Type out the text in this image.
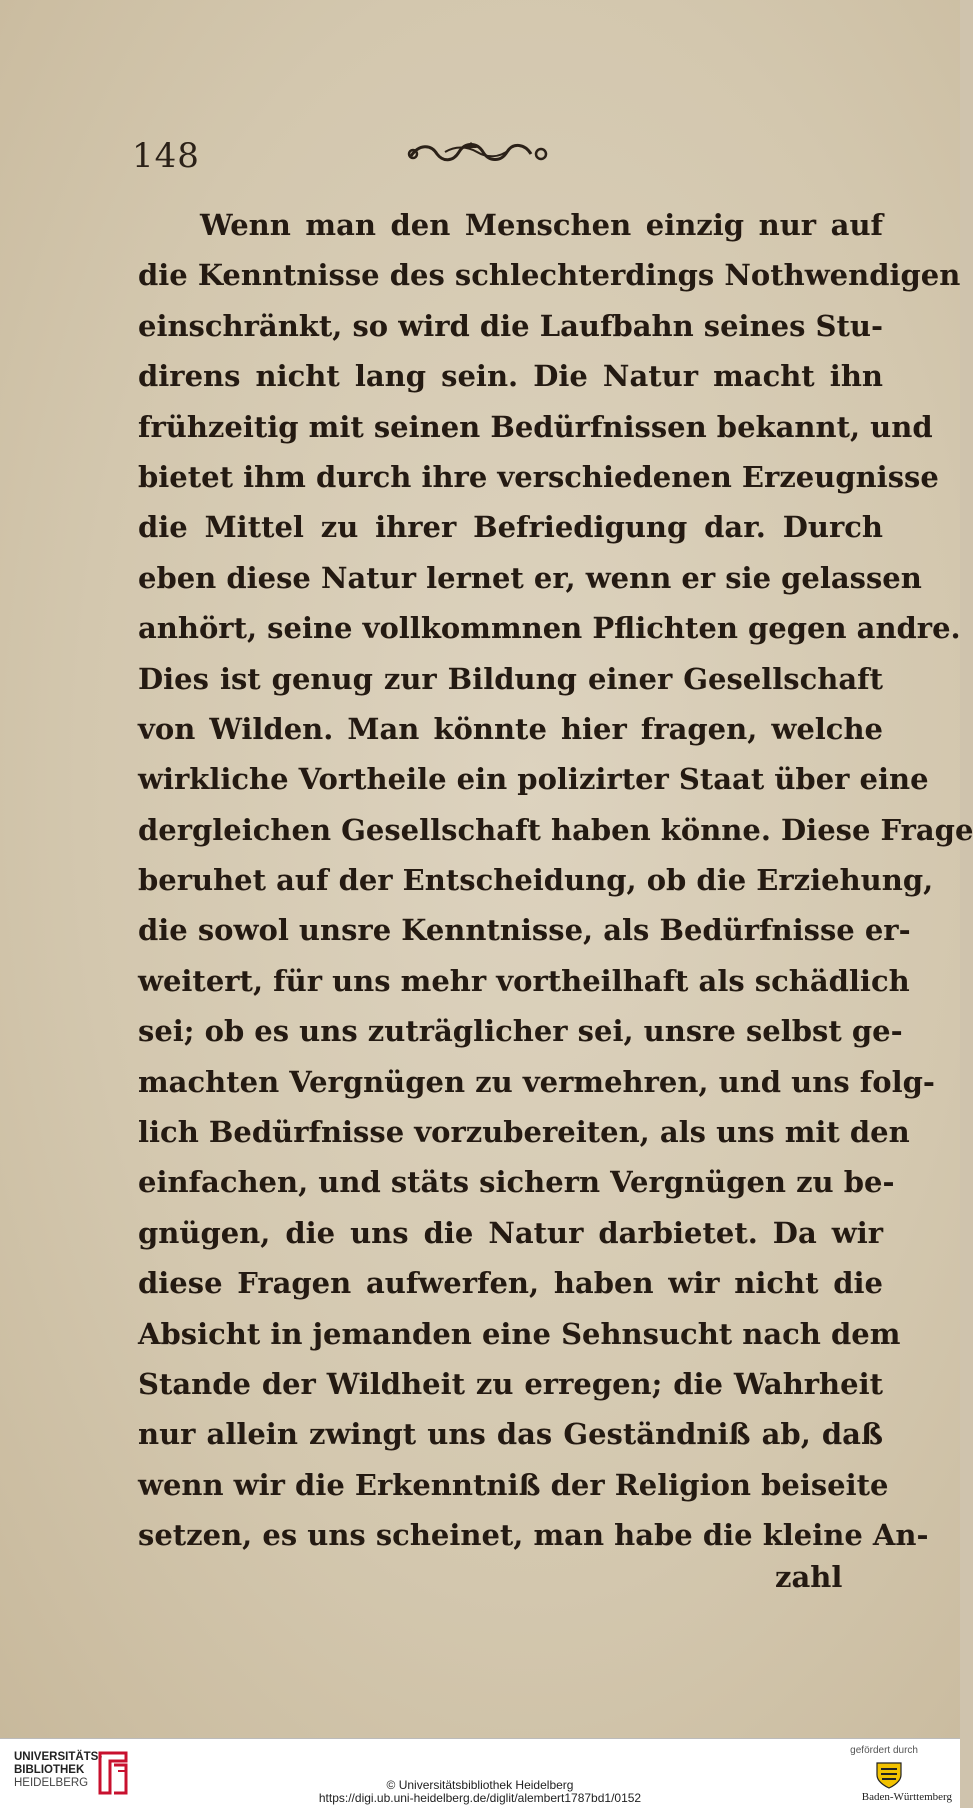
148
Wenn man den Menschen einzig nur auf
die Kenntnisse des schlechterdings Nothwendigen
einschränkt, so wird die Laufbahn seines Stu-
direns nicht lang sein. Die Natur macht ihn
frühzeitig mit seinen Bedürfnissen bekannt, und
bietet ihm durch ihre verschiedenen Erzeugnisse
die Mittel zu ihrer Befriedigung dar. Durch
eben diese Natur lernet er, wenn er sie gelassen
anhört, seine vollkommnen Pflichten gegen andre.
Dies ist genug zur Bildung einer Gesellschaft
von Wilden. Man könnte hier fragen, welche
wirkliche Vortheile ein polizirter Staat über eine
dergleichen Gesellschaft haben könne. Diese Frage
beruhet auf der Entscheidung, ob die Erziehung,
die sowol unsre Kenntnisse, als Bedürfnisse er-
weitert, für uns mehr vortheilhaft als schädlich
sei; ob es uns zuträglicher sei, unsre selbst ge-
machten Vergnügen zu vermehren, und uns folg-
lich Bedürfnisse vorzubereiten, als uns mit den
einfachen, und stäts sichern Vergnügen zu be-
gnügen, die uns die Natur darbietet. Da wir
diese Fragen aufwerfen, haben wir nicht die
Absicht in jemanden eine Sehnsucht nach dem
Stande der Wildheit zu erregen; die Wahrheit
nur allein zwingt uns das Geständniß ab, daß
wenn wir die Erkenntniß der Religion beiseite
setzen, es uns scheinet, man habe die kleine An-
zahl
UNIVERSITÄTS-
BIBLIOTHEK
HEIDELBERG	© Universitätsbibliothek Heidelberg
https://digi.ub.uni-heidelberg.de/diglit/alembert1787bd1/0152
gefördert durch
Baden-Württemberg
